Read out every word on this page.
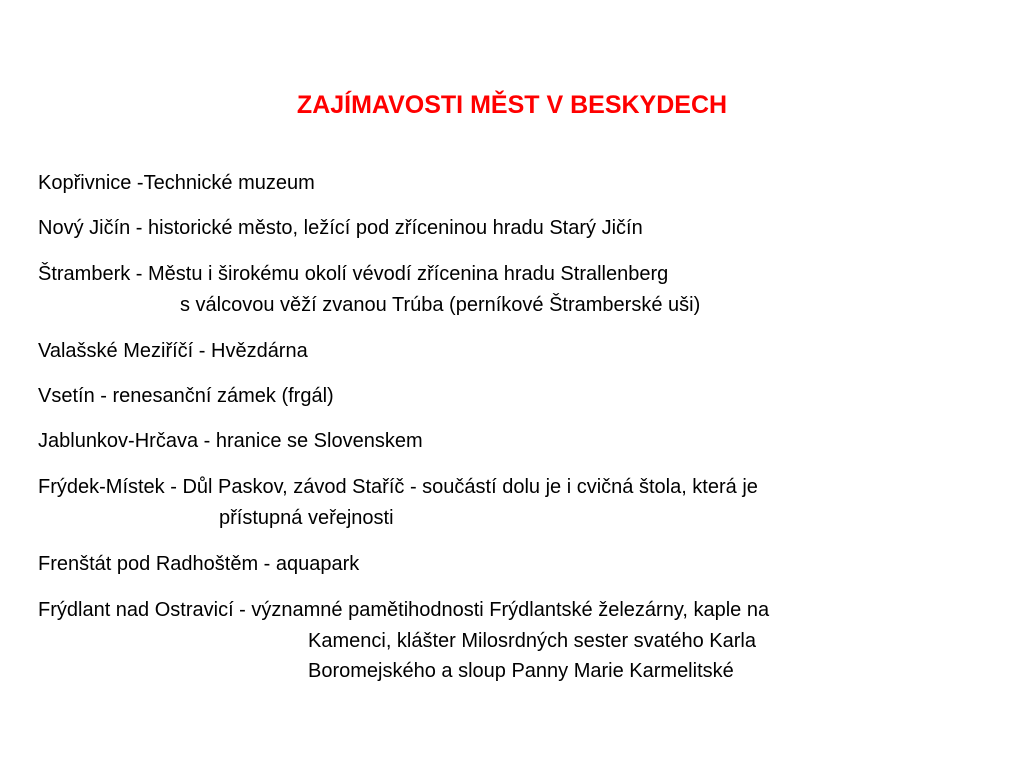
ZAJÍMAVOSTI MĚST V BESKYDECH
Kopřivnice -Technické muzeum
Nový Jičín - historické město, ležící pod zříceninou hradu Starý Jičín
Štramberk - Městu i širokému okolí vévodí zřícenina hradu Strallenberg
s válcovou věží zvanou Trúba (perníkové Štramberské uši)
Valašské Meziříčí - Hvězdárna
Vsetín - renesanční zámek (frgál)
Jablunkov-Hrčava - hranice se Slovenskem
Frýdek-Místek - Důl Paskov, závod Staříč - součástí dolu je i cvičná štola, která je
přístupná veřejnosti
Frenštát pod Radhoštěm - aquapark
Frýdlant nad Ostravicí - významné pamětihodnosti Frýdlantské železárny, kaple na
Kamenci, klášter Milosrdných sester svatého Karla
Boromejského a sloup Panny Marie Karmelitské
